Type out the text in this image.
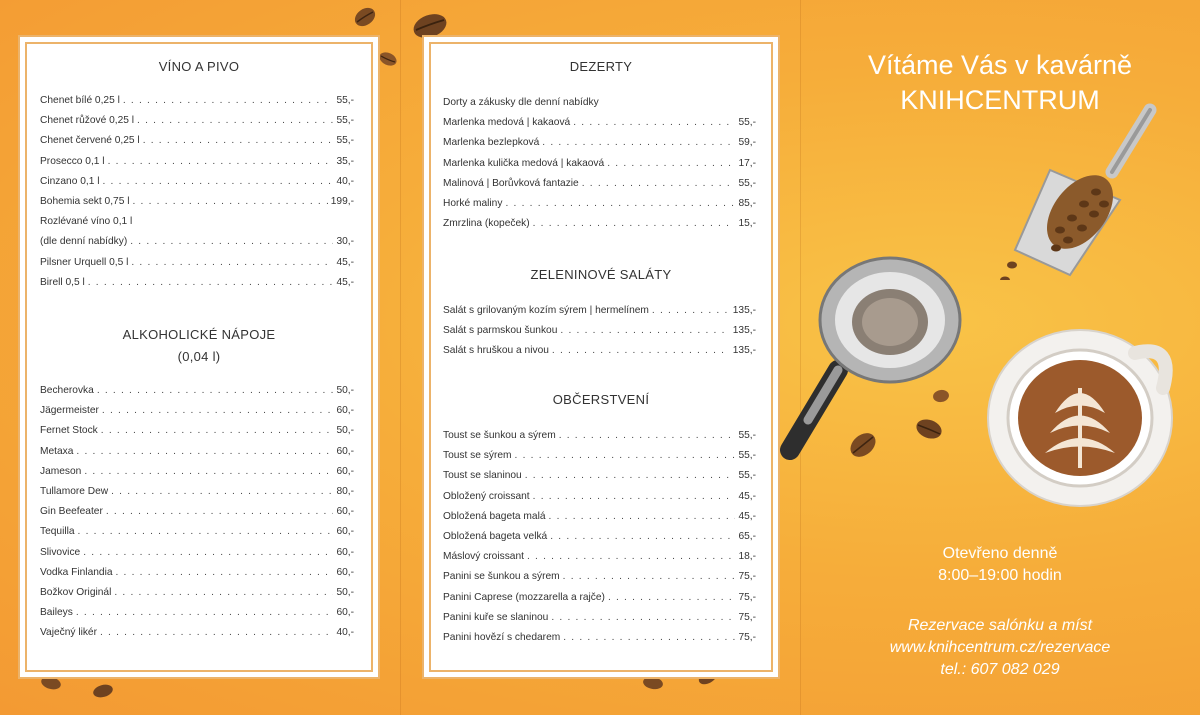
VÍNO A PIVO
Chenet bílé 0,25 l . . .	55,-
Chenet růžové 0,25 l . . .	55,-
Chenet červené 0,25 l . . .	55,-
Prosecco 0,1 l . . .	35,-
Cinzano 0,1 l . . .	40,-
Bohemia sekt 0,75 l . . .	199,-
Rozlévané víno 0,1 l
(dle denní nabídky) . . .	30,-
Pilsner Urquell 0,5 l . . .	45,-
Birell 0,5 l . . .	45,-
ALKOHOLICKÉ NÁPOJE
(0,04 l)
Becherovka . . .	50,-
Jägermeister . . .	60,-
Fernet Stock . . .	50,-
Metaxa . . .	60,-
Jameson . . .	60,-
Tullamore Dew . . .	80,-
Gin Beefeater . . .	60,-
Tequilla . . .	60,-
Slivovice . . .	60,-
Vodka Finlandia . . .	60,-
Božkov Originál . . .	50,-
Baileys . . .	60,-
Vaječný likér . . .	40,-
DEZERTY
Dorty a zákusky dle denní nabídky
Marlenka medová | kakaová . . .	55,-
Marlenka bezlepková . . .	59,-
Marlenka kulička medová | kakaová . . .	17,-
Malinová | Borůvková fantazie . . .	55,-
Horké maliny . . .	85,-
Zmrzlina (kopeček) . . .	15,-
ZELENINOVÉ SALÁTY
Salát s grilovaným kozím sýrem | hermelínem . . .	135,-
Salát s parmskou šunkou . . .	135,-
Salát s hruškou a nivou . . .	135,-
OBČERSTVENÍ
Toust se šunkou a sýrem . . .	55,-
Toust se sýrem . . .	55,-
Toust se slaninou . . .	55,-
Obložený croissant . . .	45,-
Obložená bageta malá . . .	45,-
Obložená bageta velká . . .	65,-
Máslový croissant . . .	18,-
Panini se šunkou a sýrem . . .	75,-
Panini Caprese (mozzarella a rajče) . . .	75,-
Panini kuře se slaninou . . .	75,-
Panini hovězí s chedarem . . .	75,-
Vítáme Vás v kavárně
KNIHCENTRUM
Otevřeno denně
8:00–19:00 hodin
Rezervace salónku a míst
www.knihcentrum.cz/rezervace
tel.: 607 082 029
